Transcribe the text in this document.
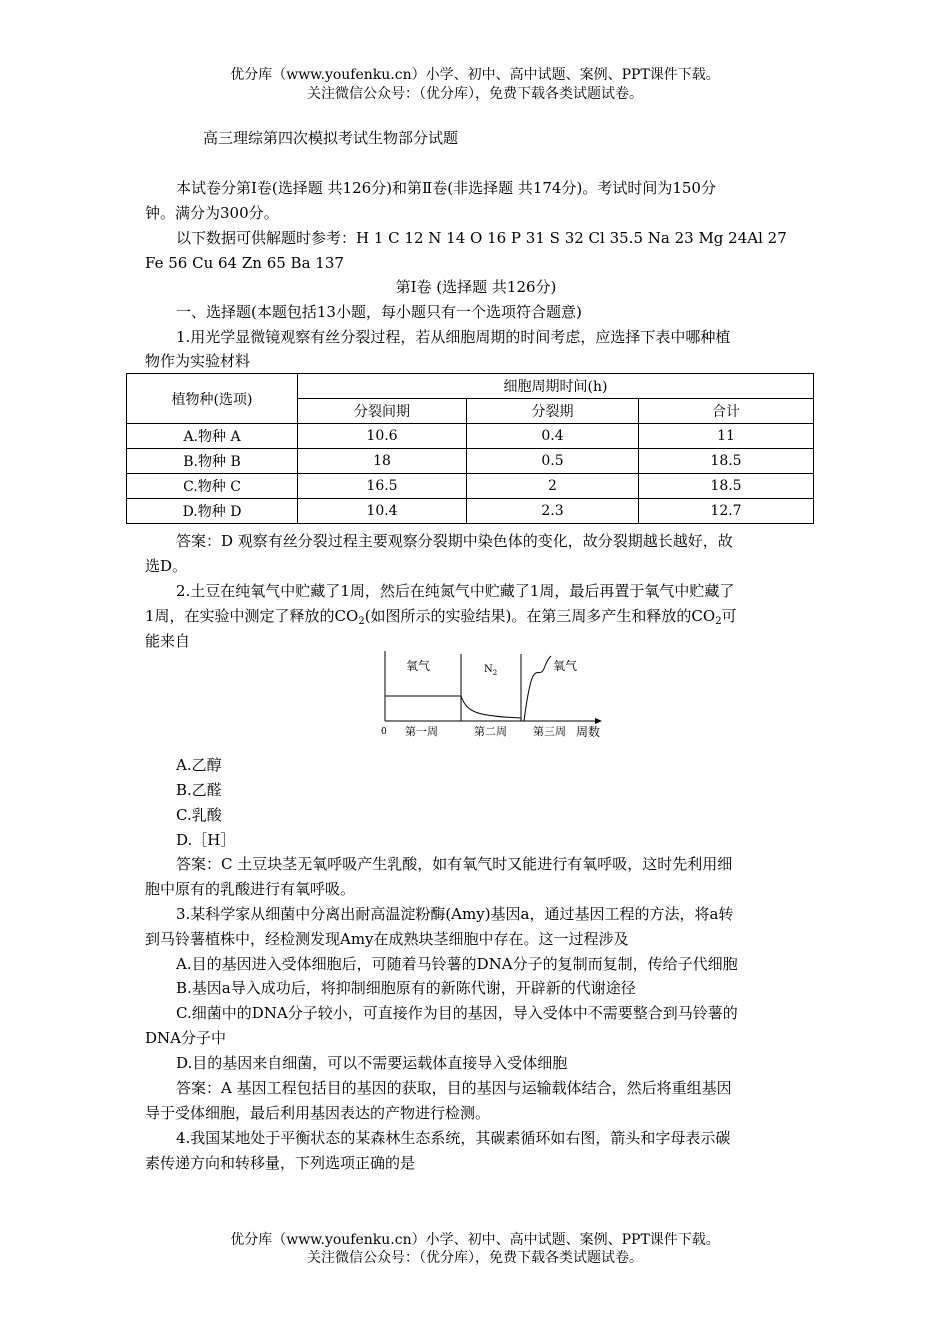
优分库（www.youfenku.cn）小学、初中、高中试题、案例、PPT课件下载。
关注微信公众号：（优分库），免费下载各类试题试卷。
高三理综第四次模拟考试生物部分试题
本试卷分第Ⅰ卷(选择题 共126分)和第Ⅱ卷(非选择题 共174分)。考试时间为150分
钟。满分为300分。
以下数据可供解题时参考：H 1 C 12 N 14 O 16 P 31 S 32 Cl 35.5 Na 23 Mg 24Al 27
Fe 56 Cu 64 Zn 65 Ba 137
第Ⅰ卷 (选择题 共126分)
一、选择题(本题包括13小题，每小题只有一个选项符合题意)
1.用光学显微镜观察有丝分裂过程，若从细胞周期的时间考虑，应选择下表中哪种植
物作为实验材料
植物种(选项)	细胞周期时间(h)		
	分裂间期	分裂期	合计
A.物种 A	10.6	0.4	11
B.物种 B	18	0.5	18.5
C.物种 C	16.5	2	18.5
D.物种 D	10.4	2.3	12.7
答案：D 观察有丝分裂过程主要观察分裂期中染色体的变化，故分裂期越长越好，故
选D。
2.土豆在纯氧气中贮藏了1周，然后在纯氮气中贮藏了1周，最后再置于氧气中贮藏了
1周，在实验中测定了释放的$CO_2$(如图所示的实验结果)。在第三周多产生和释放的$CO_2$可
能来自
氧气	$N_2$	氧气
0 第一周	第二周 第三周 周数
A.乙醇
B.乙醛
C.乳酸
D.［H］
答案：C 土豆块茎无氧呼吸产生乳酸，如有氧气时又能进行有氧呼吸，这时先利用细
胞中原有的乳酸进行有氧呼吸。
3.某科学家从细菌中分离出耐高温淀粉酶(Amy)基因a，通过基因工程的方法，将a转
到马铃薯植株中，经检测发现Amy在成熟块茎细胞中存在。这一过程涉及
A.目的基因进入受体细胞后，可随着马铃薯的DNA分子的复制而复制，传给子代细胞
B.基因a导入成功后，将抑制细胞原有的新陈代谢，开辟新的代谢途径
C.细菌中的DNA分子较小，可直接作为目的基因，导入受体中不需要整合到马铃薯的
DNA分子中
D.目的基因来自细菌，可以不需要运载体直接导入受体细胞
答案：A 基因工程包括目的基因的获取，目的基因与运输载体结合，然后将重组基因
导于受体细胞，最后利用基因表达的产物进行检测。
4.我国某地处于平衡状态的某森林生态系统，其碳素循环如右图，箭头和字母表示碳
素传递方向和转移量，下列选项正确的是
优分库（www.youfenku.cn）小学、初中、高中试题、案例、PPT课件下载。
关注微信公众号：（优分库），免费下载各类试题试卷。
